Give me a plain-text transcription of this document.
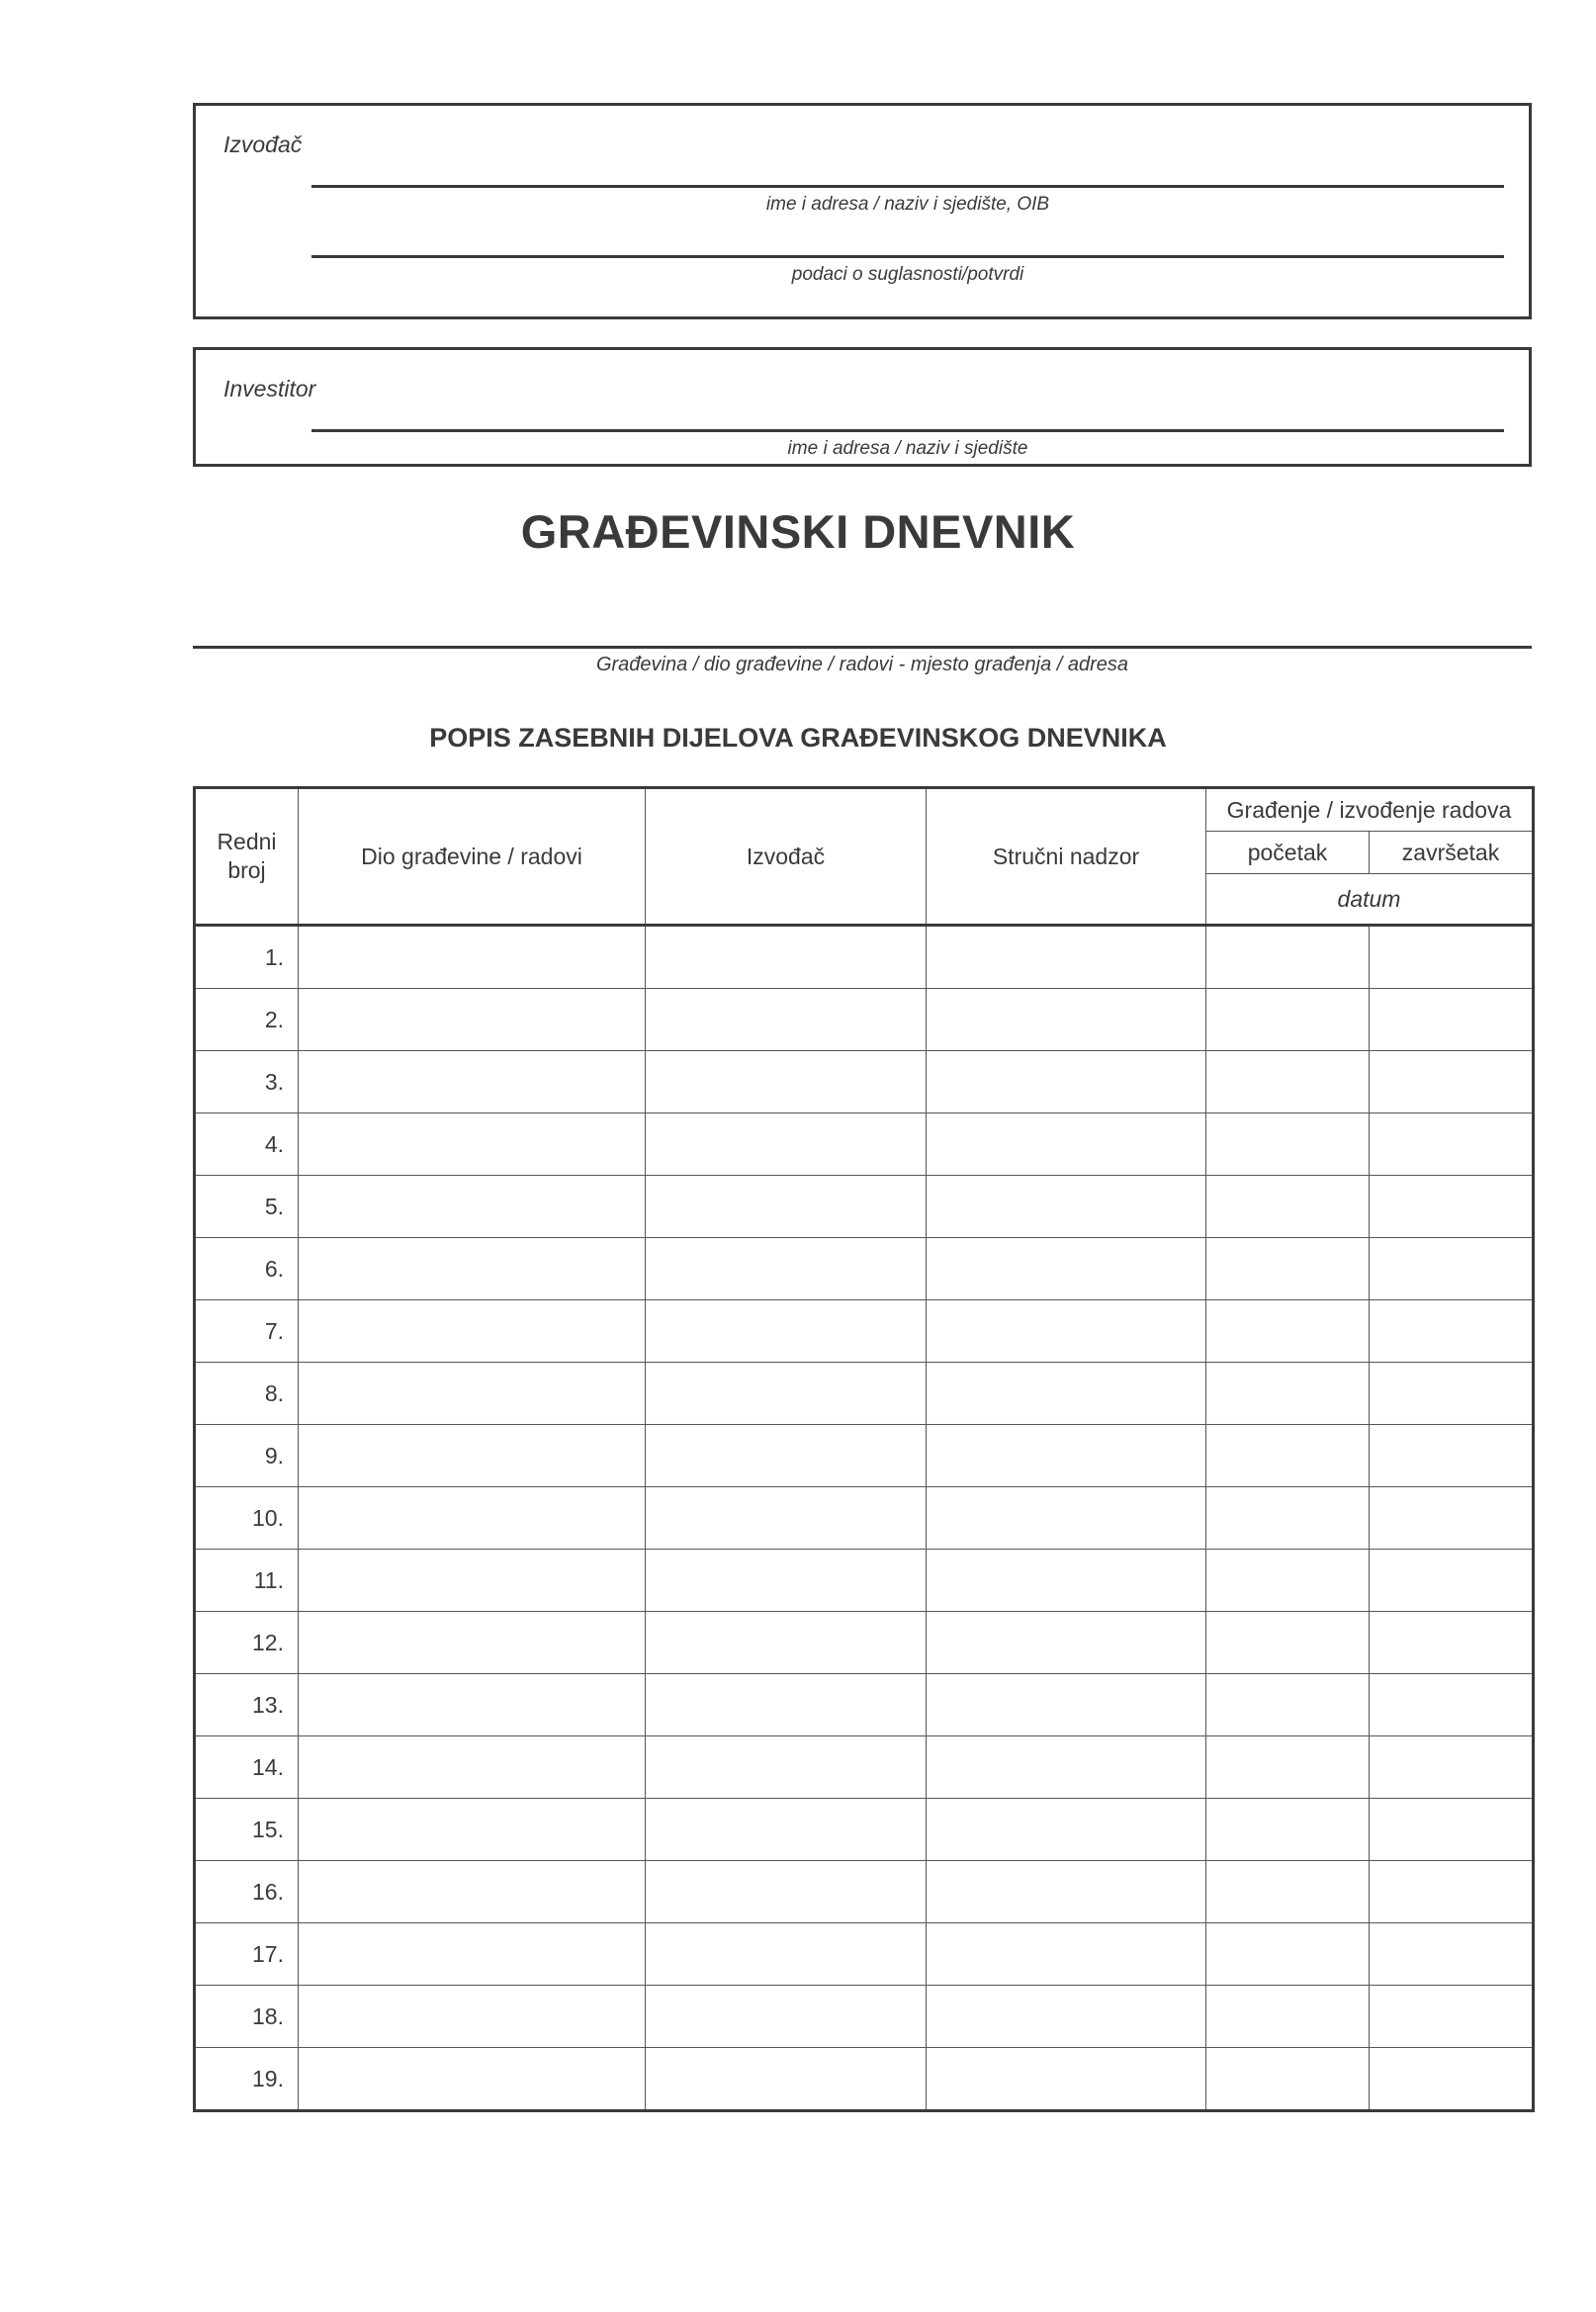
Izvođač
ime i adresa / naziv i sjedište, OIB
podaci o suglasnosti/potvrdi
Investitor
ime i adresa / naziv i sjedište
GRAĐEVINSKI DNEVNIK
Građevina / dio građevine / radovi - mjesto građenja / adresa
POPIS ZASEBNIH DIJELOVA GRAĐEVINSKOG DNEVNIKA
Redni
broj	Dio građevine / radovi	Izvođač	Stručni nadzor	Građenje / izvođenje radova	
				početak	završetak
				datum	
1.					
2.					
3.					
4.					
5.					
6.					
7.					
8.					
9.					
10.					
11.					
12.					
13.					
14.					
15.					
16.					
17.					
18.					
19.					
